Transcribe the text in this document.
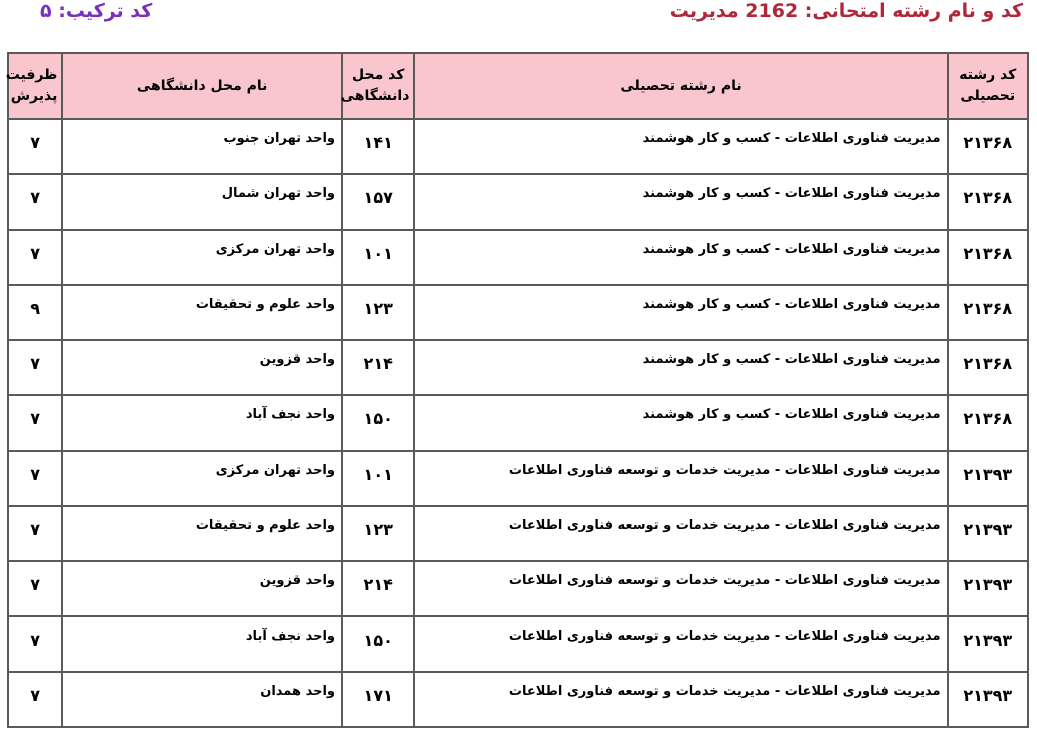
کد و نام رشته امتحانی: 2162 مدیریت
کد ترکیب: ۵
کد رشته تحصیلی	نام رشته تحصیلی	کد محل دانشگاهی	نام محل دانشگاهی	ظرفیت پذیرش
۲۱۳۶۸	مدیریت فناوری اطلاعات - کسب و کار هوشمند	۱۴۱	واحد تهران جنوب	۷
۲۱۳۶۸	مدیریت فناوری اطلاعات - کسب و کار هوشمند	۱۵۷	واحد تهران شمال	۷
۲۱۳۶۸	مدیریت فناوری اطلاعات - کسب و کار هوشمند	۱۰۱	واحد تهران مرکزی	۷
۲۱۳۶۸	مدیریت فناوری اطلاعات - کسب و کار هوشمند	۱۲۳	واحد علوم و تحقیقات	۹
۲۱۳۶۸	مدیریت فناوری اطلاعات - کسب و کار هوشمند	۲۱۴	واحد قزوین	۷
۲۱۳۶۸	مدیریت فناوری اطلاعات - کسب و کار هوشمند	۱۵۰	واحد نجف آباد	۷
۲۱۳۹۳	مدیریت فناوری اطلاعات - مدیریت خدمات و توسعه فناوری اطلاعات	۱۰۱	واحد تهران مرکزی	۷
۲۱۳۹۳	مدیریت فناوری اطلاعات - مدیریت خدمات و توسعه فناوری اطلاعات	۱۲۳	واحد علوم و تحقیقات	۷
۲۱۳۹۳	مدیریت فناوری اطلاعات - مدیریت خدمات و توسعه فناوری اطلاعات	۲۱۴	واحد قزوین	۷
۲۱۳۹۳	مدیریت فناوری اطلاعات - مدیریت خدمات و توسعه فناوری اطلاعات	۱۵۰	واحد نجف آباد	۷
۲۱۳۹۳	مدیریت فناوری اطلاعات - مدیریت خدمات و توسعه فناوری اطلاعات	۱۷۱	واحد همدان	۷
